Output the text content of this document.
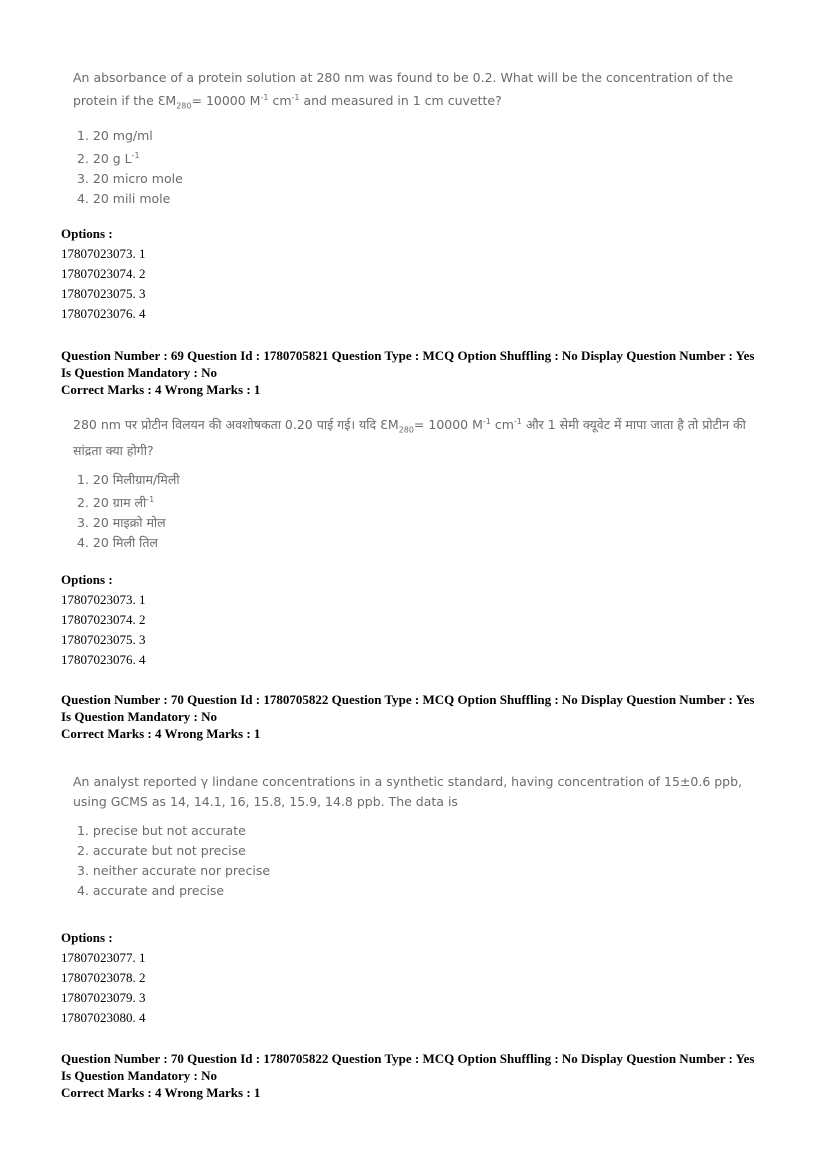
An absorbance of a protein solution at 280 nm was found to be 0.2. What will be the concentration of the protein if the $ƐM_{280}= 10000$ $M^{-1}$ $cm^{-1}$ and measured in 1 cm cuvette?

1. 20 mg/ml
2. 20 g $L^{-1}$
3. 20 micro mole
4. 20 mili mole

Options :

17807023073. 1

17807023074. 2

17807023075. 3

17807023076. 4

Question Number : 69 Question Id : 1780705821 Question Type : MCQ Option Shuffling : No Display Question Number : Yes
Is Question Mandatory : No
Correct Marks : 4 Wrong Marks : 1

280 nm पर प्रोटीन विलयन की अवशोषकता 0.20 पाई गई। यदि $ƐM_{280}= 10000$ $M^{-1}$ $cm^{-1}$ और 1 सेमी क्यूवेट में मापा जाता है तो प्रोटीन की सांद्रता क्या होगी?

1. 20 मिलीग्राम/मिली
2. 20 ग्राम ली$^{-1}$
3. 20 माइक्रो मोल
4. 20 मिली तिल

Options :

17807023073. 1

17807023074. 2

17807023075. 3

17807023076. 4

Question Number : 70 Question Id : 1780705822 Question Type : MCQ Option Shuffling : No Display Question Number : Yes
Is Question Mandatory : No
Correct Marks : 4 Wrong Marks : 1

An analyst reported γ lindane concentrations in a synthetic standard, having concentration of 15±0.6 ppb, using GCMS as 14, 14.1, 16, 15.8, 15.9, 14.8 ppb. The data is

1. precise but not accurate
2. accurate but not precise
3. neither accurate nor precise
4. accurate and precise

Options :

17807023077. 1

17807023078. 2

17807023079. 3

17807023080. 4

Question Number : 70 Question Id : 1780705822 Question Type : MCQ Option Shuffling : No Display Question Number : Yes
Is Question Mandatory : No
Correct Marks : 4 Wrong Marks : 1
